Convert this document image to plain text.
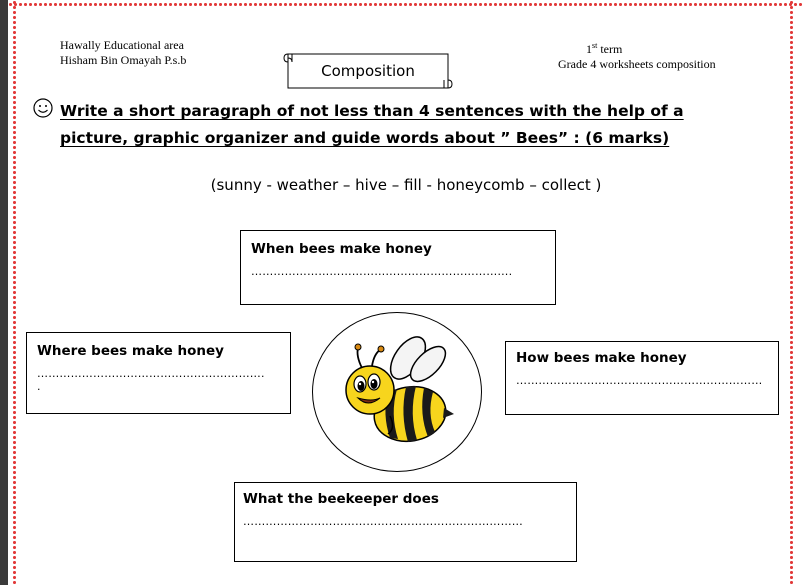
Hawally Educational area
Hisham Bin Omayah P.s.b
1st term
Grade 4 worksheets composition
Composition
Write a short paragraph of not less than 4 sentences with the help of a picture, graphic organizer and guide words about ” Bees” : (6 marks)
(sunny - weather – hive – fill - honeycomb – collect )
When bees make honey
…………………………………………………………….
Where bees make honey
…………………………………………………….
.
How bees make honey
…………………………………………………………
What the beekeeper does
…………………………………………………………………
